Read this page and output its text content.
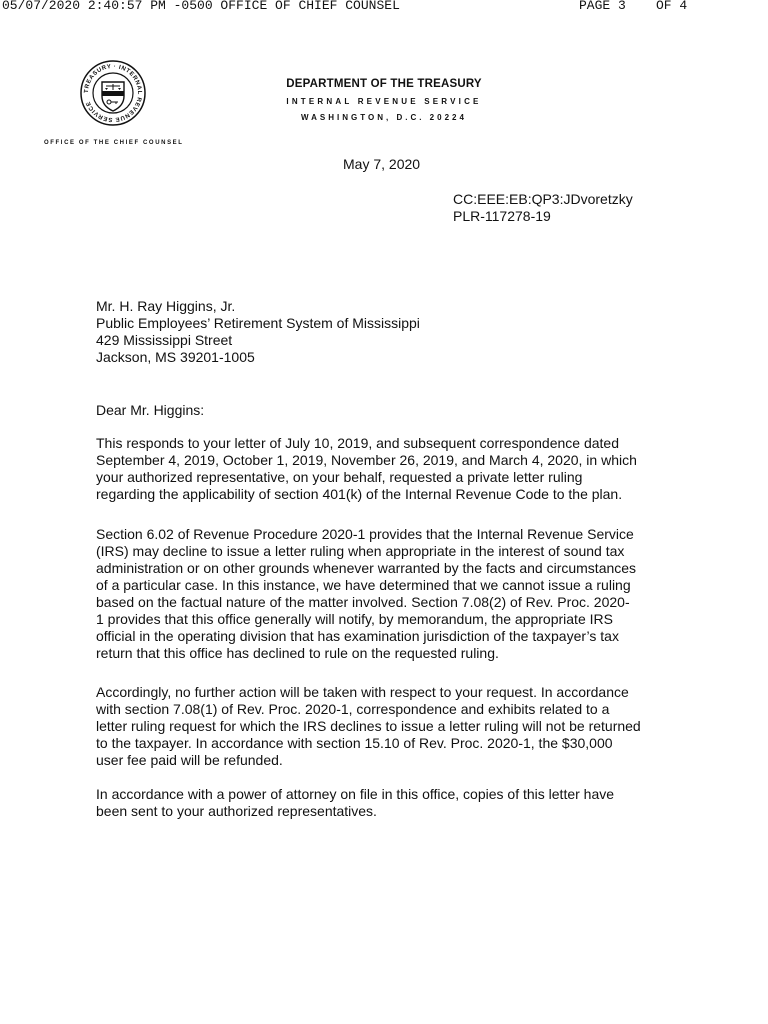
05/07/2020 2:40:57 PM -0500 OFFICE OF CHIEF COUNSEL	PAGE 3 OF 4
TREASURY · INTERNAL REVENUE SERVICE
OFFICE OF THE CHIEF COUNSEL
DEPARTMENT OF THE TREASURY
INTERNAL REVENUE SERVICE
WASHINGTON, D.C. 20224
May 7, 2020
CC:EEE:EB:QP3:JDvoretzky
PLR-117278-19
Mr. H. Ray Higgins, Jr.
Public Employees’ Retirement System of Mississippi
429 Mississippi Street
Jackson, MS 39201-1005
Dear Mr. Higgins:
This responds to your letter of July 10, 2019, and subsequent correspondence dated
September 4, 2019, October 1, 2019, November 26, 2019, and March 4, 2020, in which
your authorized representative, on your behalf, requested a private letter ruling
regarding the applicability of section 401(k) of the Internal Revenue Code to the plan.
Section 6.02 of Revenue Procedure 2020-1 provides that the Internal Revenue Service
(IRS) may decline to issue a letter ruling when appropriate in the interest of sound tax
administration or on other grounds whenever warranted by the facts and circumstances
of a particular case. In this instance, we have determined that we cannot issue a ruling
based on the factual nature of the matter involved. Section 7.08(2) of Rev. Proc. 2020-
1 provides that this office generally will notify, by memorandum, the appropriate IRS
official in the operating division that has examination jurisdiction of the taxpayer’s tax
return that this office has declined to rule on the requested ruling.
Accordingly, no further action will be taken with respect to your request. In accordance
with section 7.08(1) of Rev. Proc. 2020-1, correspondence and exhibits related to a
letter ruling request for which the IRS declines to issue a letter ruling will not be returned
to the taxpayer. In accordance with section 15.10 of Rev. Proc. 2020-1, the $30,000
user fee paid will be refunded.
In accordance with a power of attorney on file in this office, copies of this letter have
been sent to your authorized representatives.
